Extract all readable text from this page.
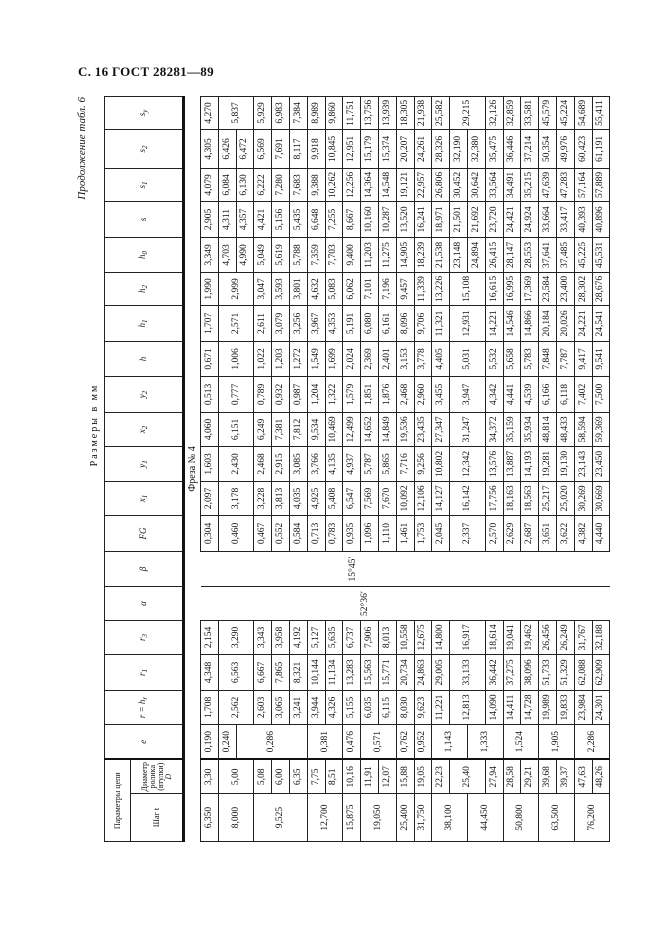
С. 16 ГОСТ 28281—89
Продолжение табл. 6
Размеры в мм
Параметры цепи		e	$r = h_r$	$r_1$	$r_3$	α	β	FG	$x_1$	$y_1$	$x_2$	$y_2$	h	$h_1$	$h_2$	$h_0$	s	$s_1$	$s_2$	$s_y$
Шаг t	Диаметр ролика (втулки)
D																			
Фреза № 4																				
6,350	3,30	0,190	1,708	4,348	2,154	52°36′	15°45′	0,304	2,097	1,603	4,060	0,513	0,671	1,707	1,990	3,349	2,905	4,079	4,305	4,270
8,000	5,00	0,240	2,562	6,563	3,290			0,460	3,178	2,430	6,151	0,777	1,006	2,571	2,999	4,703	4,311	6,084	6,426	5,837
		0,286														4,990	4,357	6,130	6,472	
9,525	5,08		2,603	6,667	3,343			0,467	3,228	2,468	6,249	0,789	1,022	2,611	3,047	5,049	4,421	6,222	6,569	5,929
	6,00		3,065	7,865	3,958			0,552	3,813	2,915	7,381	0,932	1,203	3,079	3,593	5,619	5,156	7,280	7,691	6,983
	6,35		3,241	8,321	4,192			0,584	4,035	3,085	7,812	0,987	1,272	3,256	3,801	5,788	5,435	7,683	8,117	7,384
12,700	7,75	0,381	3,944	10,144	5,127			0,713	4,925	3,766	9,534	1,204	1,549	3,967	4,632	7,359	6,648	9,388	9,918	8,989
	8,51		4,326	11,134	5,635			0,783	5,408	4,135	10,469	1,322	1,699	4,353	5,083	7,703	7,255	10,262	10,845	9,860
15,875	10,16	0,476	5,155	13,283	6,737			0,935	6,547	4,937	12,499	1,579	2,024	5,191	6,062	9,400	8,667	12,256	12,951	11,751
19,050	11,91	0,571	6,035	15,563	7,906			1,096	7,569	5,787	14,652	1,851	2,369	6,080	7,101	11,203	10,160	14,364	15,179	13,756
	12,07		6,115	15,771	8,013			1,110	7,670	5,865	14,849	1,876	2,401	6,161	7,196	11,275	10,287	14,548	15,374	13,939
25,400	15,88	0,762	8,030	20,734	10,558			1,461	10,092	7,716	19,536	2,468	3,153	8,096	9,457	14,905	13,520	19,121	20,207	18,305
31,750	19,05	0,952	9,623	24,863	12,675			1,753	12,106	9,256	23,435	2,960	3,778	9,706	11,339	18,239	16,241	22,957	24,261	21,938
38,100	22,23	1,143	11,221	29,005	14,800			2,045	14,127	10,802	27,347	3,455	4,405	11,321	13,226	21,538	18,971	26,806	28,326	25,582
	25,40		12,813	33,133	16,917			2,337	16,142	12,342	31,247	3,947	5,031	12,931	15,108	23,148	21,501	30,452	32,190	29,215
44,450		1,333														24,894	21,692	30,642	32,380	
	27,94		14,090	36,442	18,614			2,570	17,756	13,576	34,372	4,342	5,532	14,221	16,615	26,415	23,720	33,564	35,475	32,126
50,800	28,58	1,524	14,411	37,275	19,041			2,629	18,163	13,887	35,159	4,441	5,658	14,546	16,995	28,147	24,421	34,491	36,446	32,859
	29,21		14,728	38,096	19,462			2,687	18,563	14,193	35,934	4,539	5,783	14,866	17,369	28,553	24,924	35,215	37,214	33,581
63,500	39,68	1,905	19,989	51,733	26,456			3,651	25,217	19,281	48,814	6,166	7,848	20,184	23,584	37,641	33,664	47,639	50,354	45,579
	39,37		19,833	51,329	26,249			3,622	25,020	19,130	48,433	6,118	7,787	20,026	23,400	37,485	33,417	47,283	49,976	45,224
76,200	47,63	2,286	23,984	62,088	31,767			4,382	30,269	23,143	58,594	7,402	9,417	24,221	28,302	45,225	40,393	57,164	60,423	54,689
	48,26		24,301	62,909	32,188			4,440	30,669	23,450	59,369	7,500	9,541	24,541	28,676	45,531	40,896	57,889	61,191	55,411
